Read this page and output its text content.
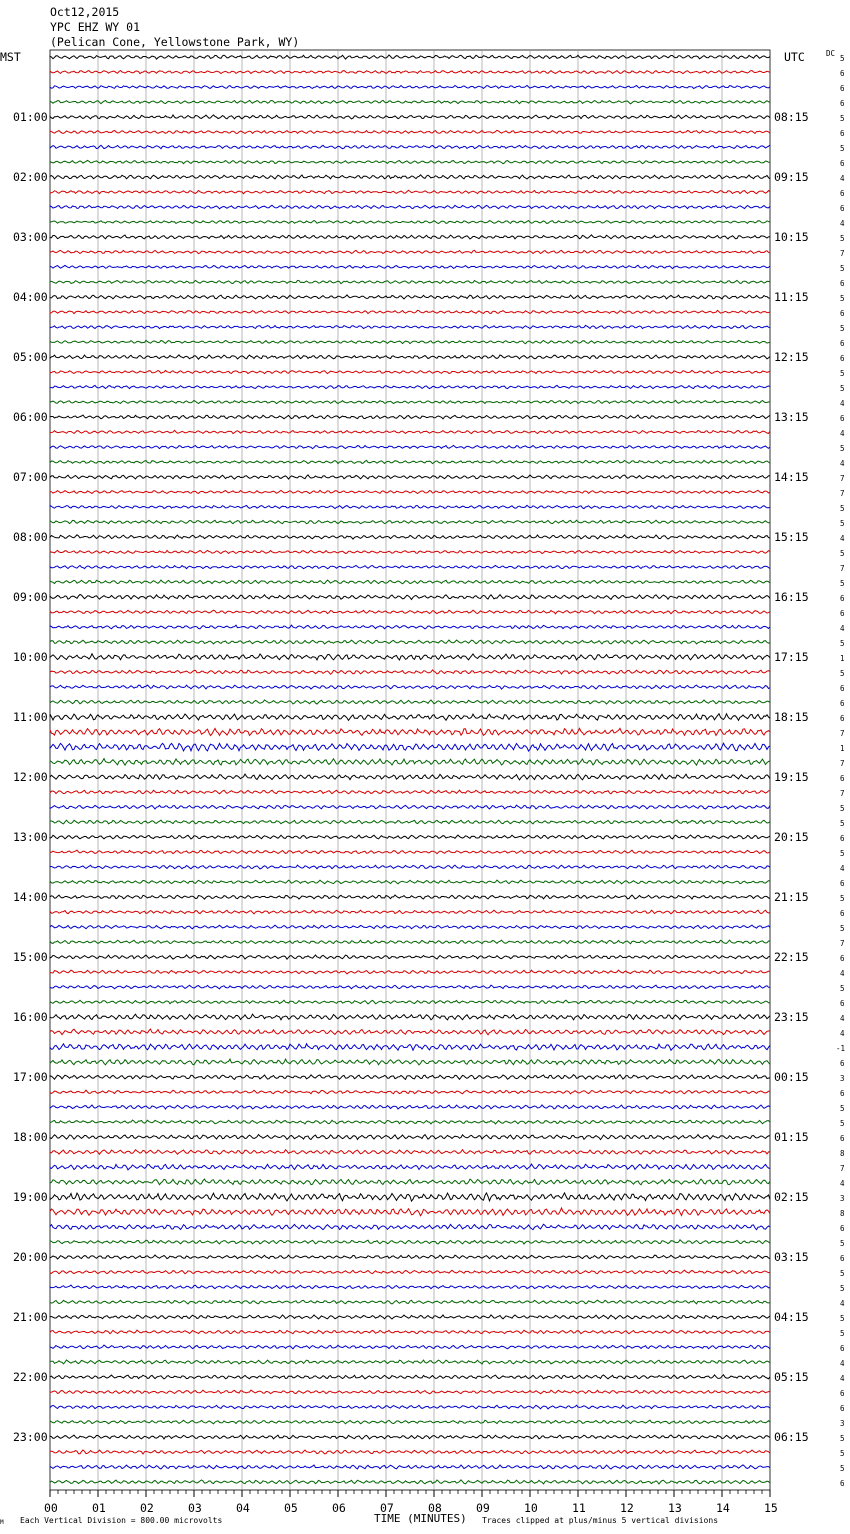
Oct12,2015
YPC EHZ WY 01
(Pelican Cone, Yellowstone Park, WY)
MST	UTC	DC
01:00	08:15
02:00	09:15
03:00	10:15
04:00	11:15
05:00	12:15
06:00	13:15
07:00	14:15
08:00	15:15
09:00	16:15
10:00	17:15
11:00	18:15
12:00	19:15
13:00	20:15
14:00	21:15
15:00	22:15
16:00	23:15
17:00	00:15
18:00	01:15
19:00	02:15
20:00	03:15
21:00	04:15
22:00	05:15
23:00	06:15
5
6
6
6
5
6
5
6
4
6
6
4
5
7
5
6
5
6
5
6
6
5
5
4
6
4
5
4
7
7
5
5
4
5
7
5
6
6
4
5
1
5
6
6
6
7
1
7
6
7
5
5
6
5
4
6
5
6
5
7
6
4
5
6
4
4
-1
6
3
6
5
5
6
8
7
4
3
8
6
5
6
5
5
4
5
5
6
4
4
6
6
3
5
5
5
6
00	01	02	03	04	05	06	07	08	09	10	11	12	13	14	15
TIME (MINUTES)
M Each Vertical Division = 800.00 microvolts	Traces clipped at plus/minus 5 vertical divisions
